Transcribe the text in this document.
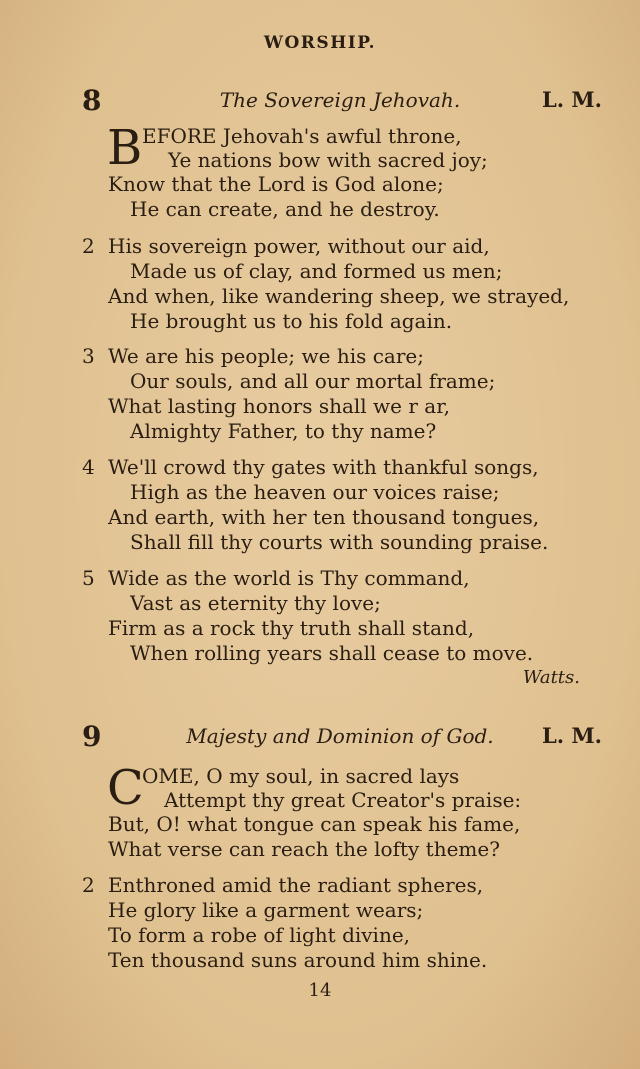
WORSHIP.
8	The Sovereign Jehovah.	L. M.
B EFORE Jehovah's awful throne,
Ye nations bow with sacred joy;
Know that the Lord is God alone;
He can create, and he destroy.
2 His sovereign power, without our aid,
Made us of clay, and formed us men;
And when, like wandering sheep, we strayed,
He brought us to his fold again.
3 We are his people; we his care;
Our souls, and all our mortal frame;
What lasting honors shall we r ar,
Almighty Father, to thy name?
4 We'll crowd thy gates with thankful songs,
High as the heaven our voices raise;
And earth, with her ten thousand tongues,
Shall fill thy courts with sounding praise.
5 Wide as the world is Thy command,
Vast as eternity thy love;
Firm as a rock thy truth shall stand,
When rolling years shall cease to move.
Watts.
9	Majesty and Dominion of God.	L. M.
C
OME, O my soul, in sacred lays
Attempt thy great Creator's praise:
But, O! what tongue can speak his fame,
What verse can reach the lofty theme?
2 Enthroned amid the radiant spheres,
He glory like a garment wears;
To form a robe of light divine,
Ten thousand suns around him shine.
14
